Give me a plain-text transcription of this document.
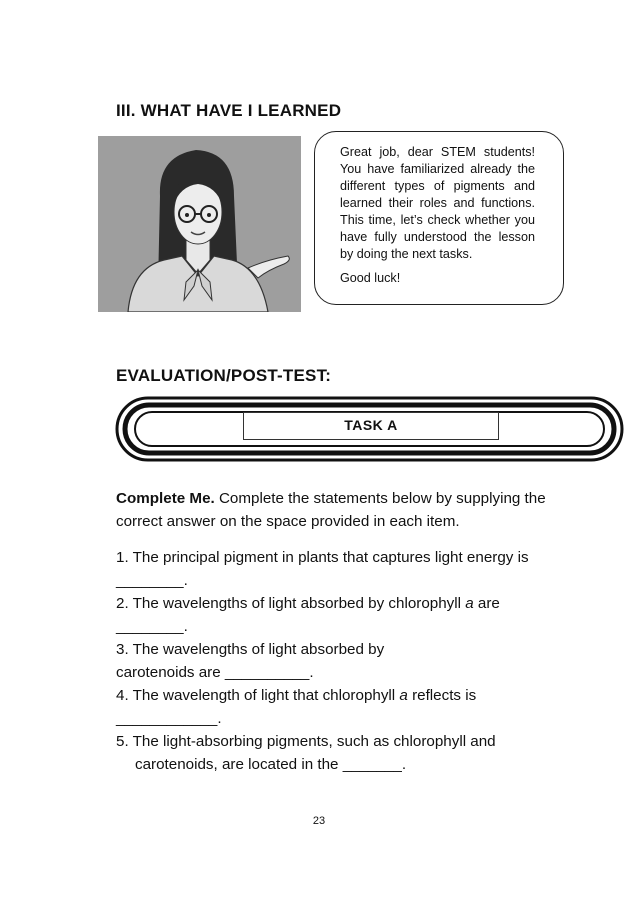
III. WHAT HAVE I LEARNED

Great job, dear STEM students! You have familiarized already the different types of pigments and learned their roles and functions. This time, let’s check whether you have fully understood the lesson by doing the next tasks.

Good luck!

EVALUATION/POST-TEST:
TASK A
Complete Me. Complete the statements below by supplying the correct answer on the space provided in each item.

1. The principal pigment in plants that captures light energy is
________.

2. The wavelengths of light absorbed by chlorophyll a are
________.

3. The wavelengths of light absorbed by
carotenoids are __________.

4. The wavelength of light that chlorophyll a reflects is
____________.

5. The light-absorbing pigments, such as chlorophyll and
carotenoids, are located in the _______.

23
